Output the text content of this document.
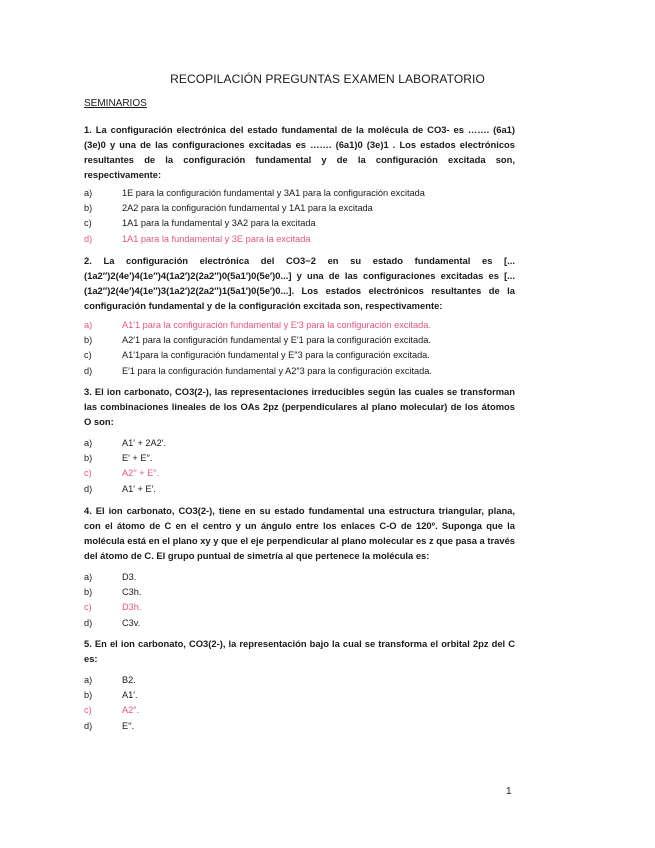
RECOPILACIÓN PREGUNTAS EXAMEN LABORATORIO
SEMINARIOS

1. La configuración electrónica del estado fundamental de la molécula de CO3- es ……. (6a1)(3e)0 y una de las configuraciones excitadas es ……. (6a1)0 (3e)1 . Los estados electrónicos resultantes de la configuración fundamental y de la configuración excitada son, respectivamente:

a)	1E para la configuración fundamental y 3A1 para la configuración excitada
b)	2A2 para la configuración fundamental y 1A1 para la excitada
c)	1A1 para la fundamental y 3A2 para la excitada
d)	1A1 para la fundamental y 3E para la excitada

2. La configuración electrónica del CO3−2 en su estado fundamental es [...(1a2″)2(4e′)4(1e″)4(1a2′)2(2a2″)0(5a1′)0(5e′)0...] y una de las configuraciones excitadas es [...(1a2″)2(4e′)4(1e″)3(1a2′)2(2a2″)1(5a1′)0(5e′)0...]. Los estados electrónicos resultantes de la configuración fundamental y de la configuración excitada son, respectivamente:

a)	A1′1 para la configuración fundamental y E′3 para la configuración excitada.
b)	A2′1 para la configuración fundamental y E′1 para la configuración excitada.
c)	A1′1para la configuración fundamental y E″3 para la configuración excitada.
d)	E′1 para la configuración fundamental y A2″3 para la configuración excitada.

3. El ion carbonato, CO3(2-), las representaciones irreducibles según las cuales se transforman las combinaciones lineales de los OAs 2pz (perpendiculares al plano molecular) de los átomos O son:

a)	A1′ + 2A2′.
b)	E′ + E′′.
c)	A2′′ + E′′.
d)	A1′ + E′.

4. El ion carbonato, CO3(2-), tiene en su estado fundamental una estructura triangular, plana, con el átomo de C en el centro y un ángulo entre los enlaces C-O de 120º. Suponga que la molécula está en el plano xy y que el eje perpendicular al plano molecular es z que pasa a través del átomo de C. El grupo puntual de simetría al que pertenece la molécula es:

a)	D3.
b)	C3h.
c)	D3h.
d)	C3v.

5. En el ion carbonato, CO3(2-), la representación bajo la cual se transforma el orbital 2pz del C es:

a)	B2.
b)	A1′.
c)	A2″.
d)	E′′.
1
